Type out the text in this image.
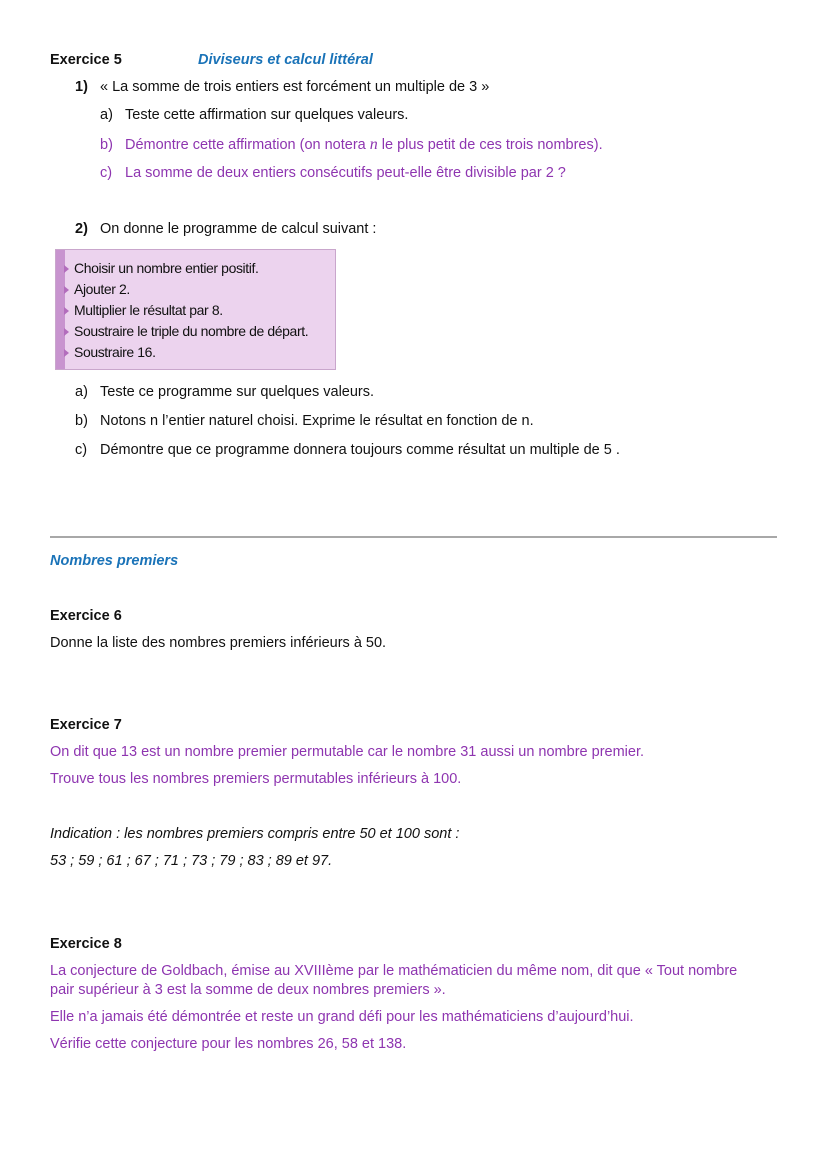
Exercice 5	Diviseurs et calcul littéral
1) « La somme de trois entiers est forcément un multiple de 3 »
a) Teste cette affirmation sur quelques valeurs.
b) Démontre cette affirmation (on notera n le plus petit de ces trois nombres).
c) La somme de deux entiers consécutifs peut-elle être divisible par 2 ?
2) On donne le programme de calcul suivant :
Choisir un nombre entier positif.
Ajouter 2.
Multiplier le résultat par 8.
Soustraire le triple du nombre de départ.
Soustraire 16.
a) Teste ce programme sur quelques valeurs.
b) Notons n l’entier naturel choisi. Exprime le résultat en fonction de n.
c) Démontre que ce programme donnera toujours comme résultat un multiple de 5 .
Nombres premiers
Exercice 6
Donne la liste des nombres premiers inférieurs à 50.
Exercice 7
On dit que 13 est un nombre premier permutable car le nombre 31 aussi un nombre premier.
Trouve tous les nombres premiers permutables inférieurs à 100.
Indication : les nombres premiers compris entre 50 et 100 sont :
53 ; 59 ; 61 ; 67 ; 71 ; 73 ; 79 ; 83 ; 89 et 97.
Exercice 8
La conjecture de Goldbach, émise au XVIIIème par le mathématicien du même nom, dit que « Tout nombre
pair supérieur à 3 est la somme de deux nombres premiers ».
Elle n’a jamais été démontrée et reste un grand défi pour les mathématiciens d’aujourd’hui.
Vérifie cette conjecture pour les nombres 26, 58 et 138.
